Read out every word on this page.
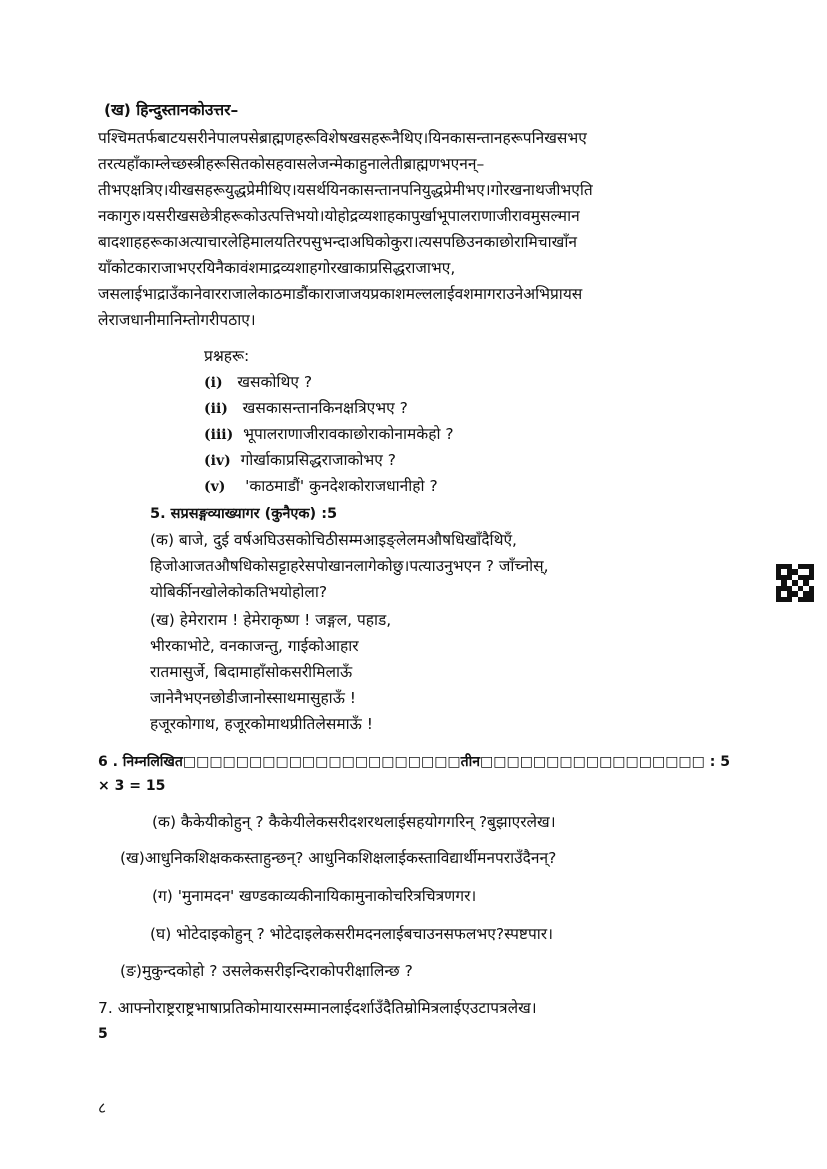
(ख) हिन्दुस्तानकोउत्तर–
पश्चिमतर्फबाटयसरीनेपालपसेब्राह्मणहरूविशेषखसहरूनैथिए।यिनकासन्तानहरूपनिखसभए
तरत्यहाँकाम्लेच्छस्त्रीहरूसितकोसहवासलेजन्मेकाहुनालेतीब्राह्मणभएनन्–
तीभएक्षत्रिए।यीखसहरूयुद्धप्रेमीथिए।यसर्थयिनकासन्तानपनियुद्धप्रेमीभए।गोरखनाथजीभएति
नकागुरु।यसरीखसछेत्रीहरूकोउत्पत्तिभयो।योहोद्रव्यशाहकापुर्खाभूपालराणाजीरावमुसल्मान
बादशाहहरूकाअत्याचारलेहिमालयतिरपसुभन्दाअघिकोकुरा।त्यसपछिउनकाछोरामिचाखाँन
याँकोटकाराजाभएरयिनैकावंशमाद्रव्यशाहगोरखाकाप्रसिद्धराजाभए,
जसलाईभाद्राउँकानेवारराजालेकाठमाडौंकाराजाजयप्रकाशमल्ललाईवशमागराउनेअभिप्रायस
लेराजधानीमानिम्तोगरीपठाए।
प्रश्नहरू:
(i) खसकोथिए ?
(ii) खसकासन्तानकिनक्षत्रिएभए ?
(iii) भूपालराणाजीरावकाछोराकोनामकेहो ?
(iv) गोर्खाकाप्रसिद्धराजाकोभए ?
(v) 'काठमाडौं' कुनदेशकोराजधानीहो ?
5. सप्रसङ्गव्याख्यागर (कुनैएक) :5
(क) बाजे, दुई वर्षअघिउसकोचिठीसम्मआइङ्लेलमऔषधिखाँदैथिएँ,
हिजोआजतऔषधिकोसट्टाहरेसपोखानलागेकोछु।पत्याउनुभएन ? जाँच्नोस्,
योबिर्कीनखोलेकोकतिभयोहोला?
(ख) हेमेराराम ! हेमेराकृष्ण ! जङ्गल, पहाड,
भीरकाभोटे, वनकाजन्तु, गाईकोआहार
रातमासुर्जे, बिदामाहाँसोकसरीमिलाऊँ
जानेनैभएनछोडीजानोस्साथमासुहाऊँ !
हजूरकोगाथ, हजूरकोमाथप्रीतिलेसमाऊँ !
6 . निम्नलिखित□□□□□□□□□□□□□□□□□□□□□तीन□□□□□□□□□□□□□□□□□ : 5
× 3 = 15
(क) कैकेयीकोहुन् ? कैकेयीलेकसरीदशरथलाईसहयोगगरिन् ?बुझाएरलेख।
(ख)आधुनिकशिक्षककस्ताहुन्छन्? आधुनिकशिक्षलाईकस्ताविद्यार्थीमनपराउँदैनन्?
(ग) 'मुनामदन' खण्डकाव्यकीनायिकामुनाकोचरित्रचित्रणगर।
(घ) भोटेदाइकोहुन् ? भोटेदाइलेकसरीमदनलाईबचाउनसफलभए?स्पष्टपार।
(ङ)मुकुन्दकोहो ? उसलेकसरीइन्दिराकोपरीक्षालिन्छ ?
7. आफ्नोराष्ट्रराष्ट्रभाषाप्रतिकोमायारसम्मानलाईदर्शाउँदैतिम्रोमित्रलाईएउटापत्रलेख।
5
८
